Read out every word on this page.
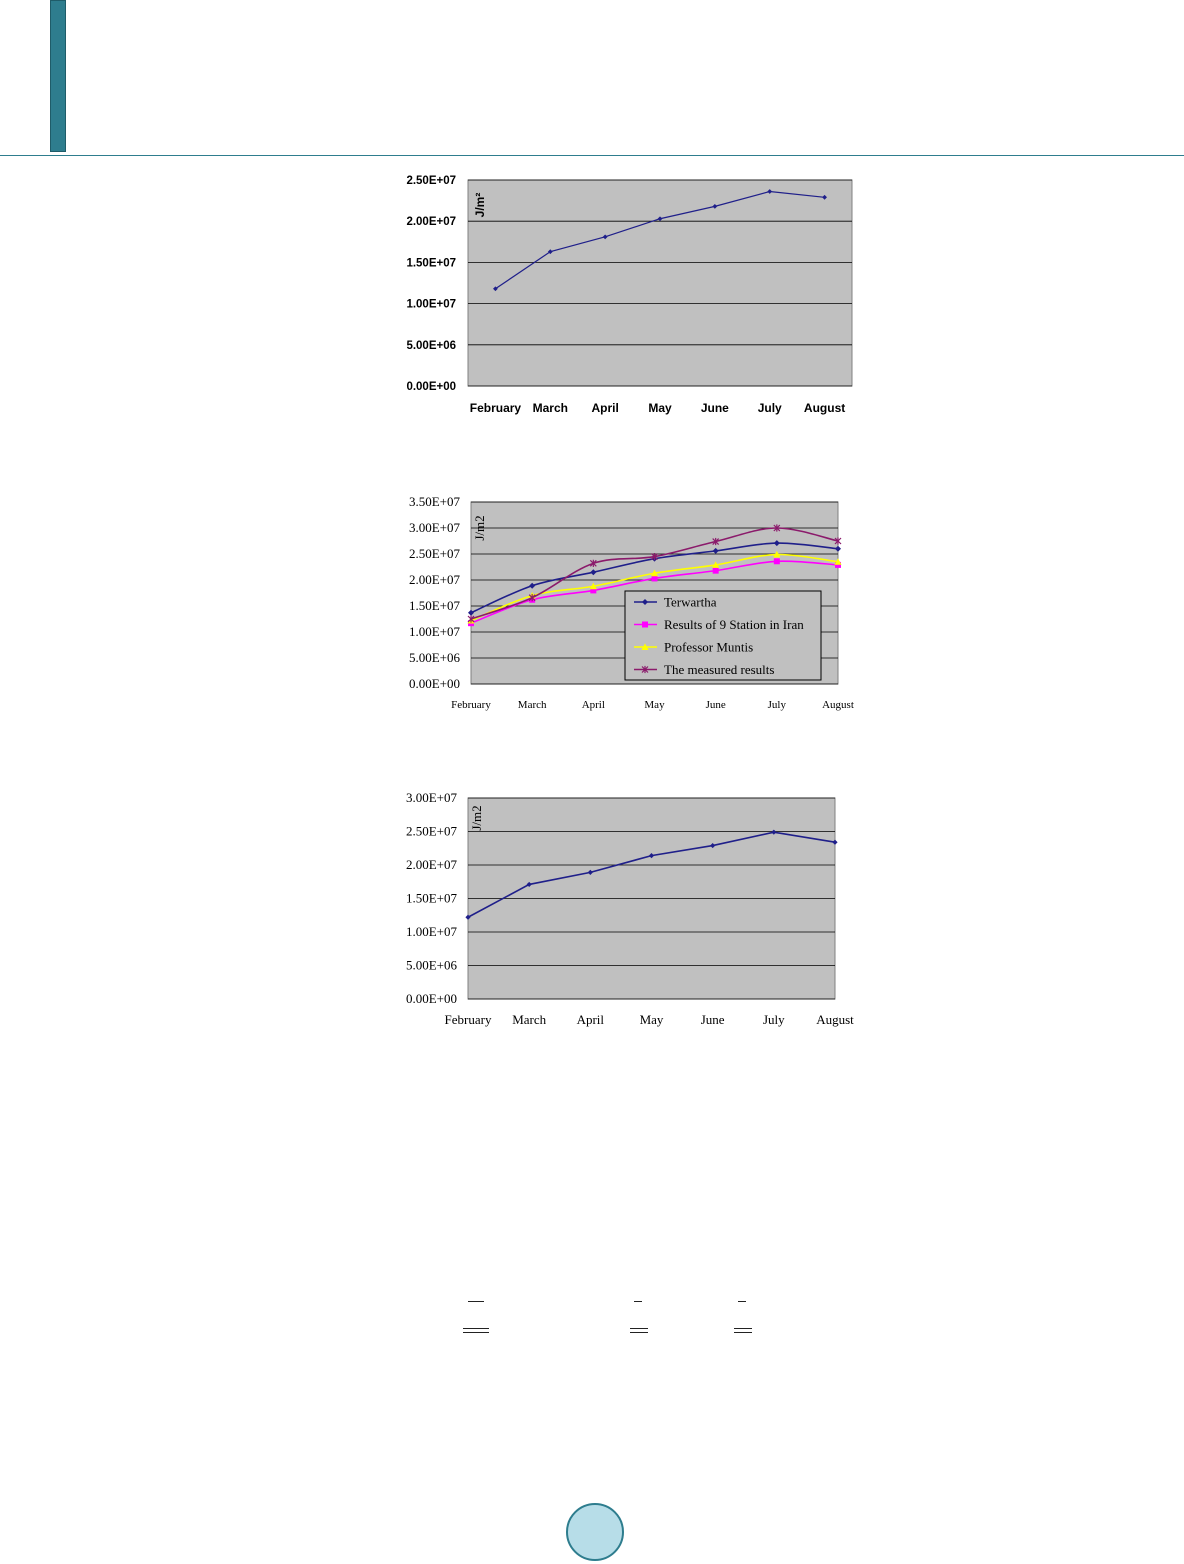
0.00E+00
5.00E+06
1.00E+07
1.50E+07
2.00E+07
2.50E+07
February March April May June July August
J/m²
0.00E+00
5.00E+06
1.00E+07
1.50E+07
2.00E+07
2.50E+07
3.00E+07
3.50E+07
February March	April	May	June	July	August
J/m2
Terwartha
Results of 9 Station in Iran
Professor Muntis
The measured results
0.00E+00
5.00E+06
1.00E+07
1.50E+07
2.00E+07
2.50E+07
3.00E+07
February March April	May	June	July August
J/m2
